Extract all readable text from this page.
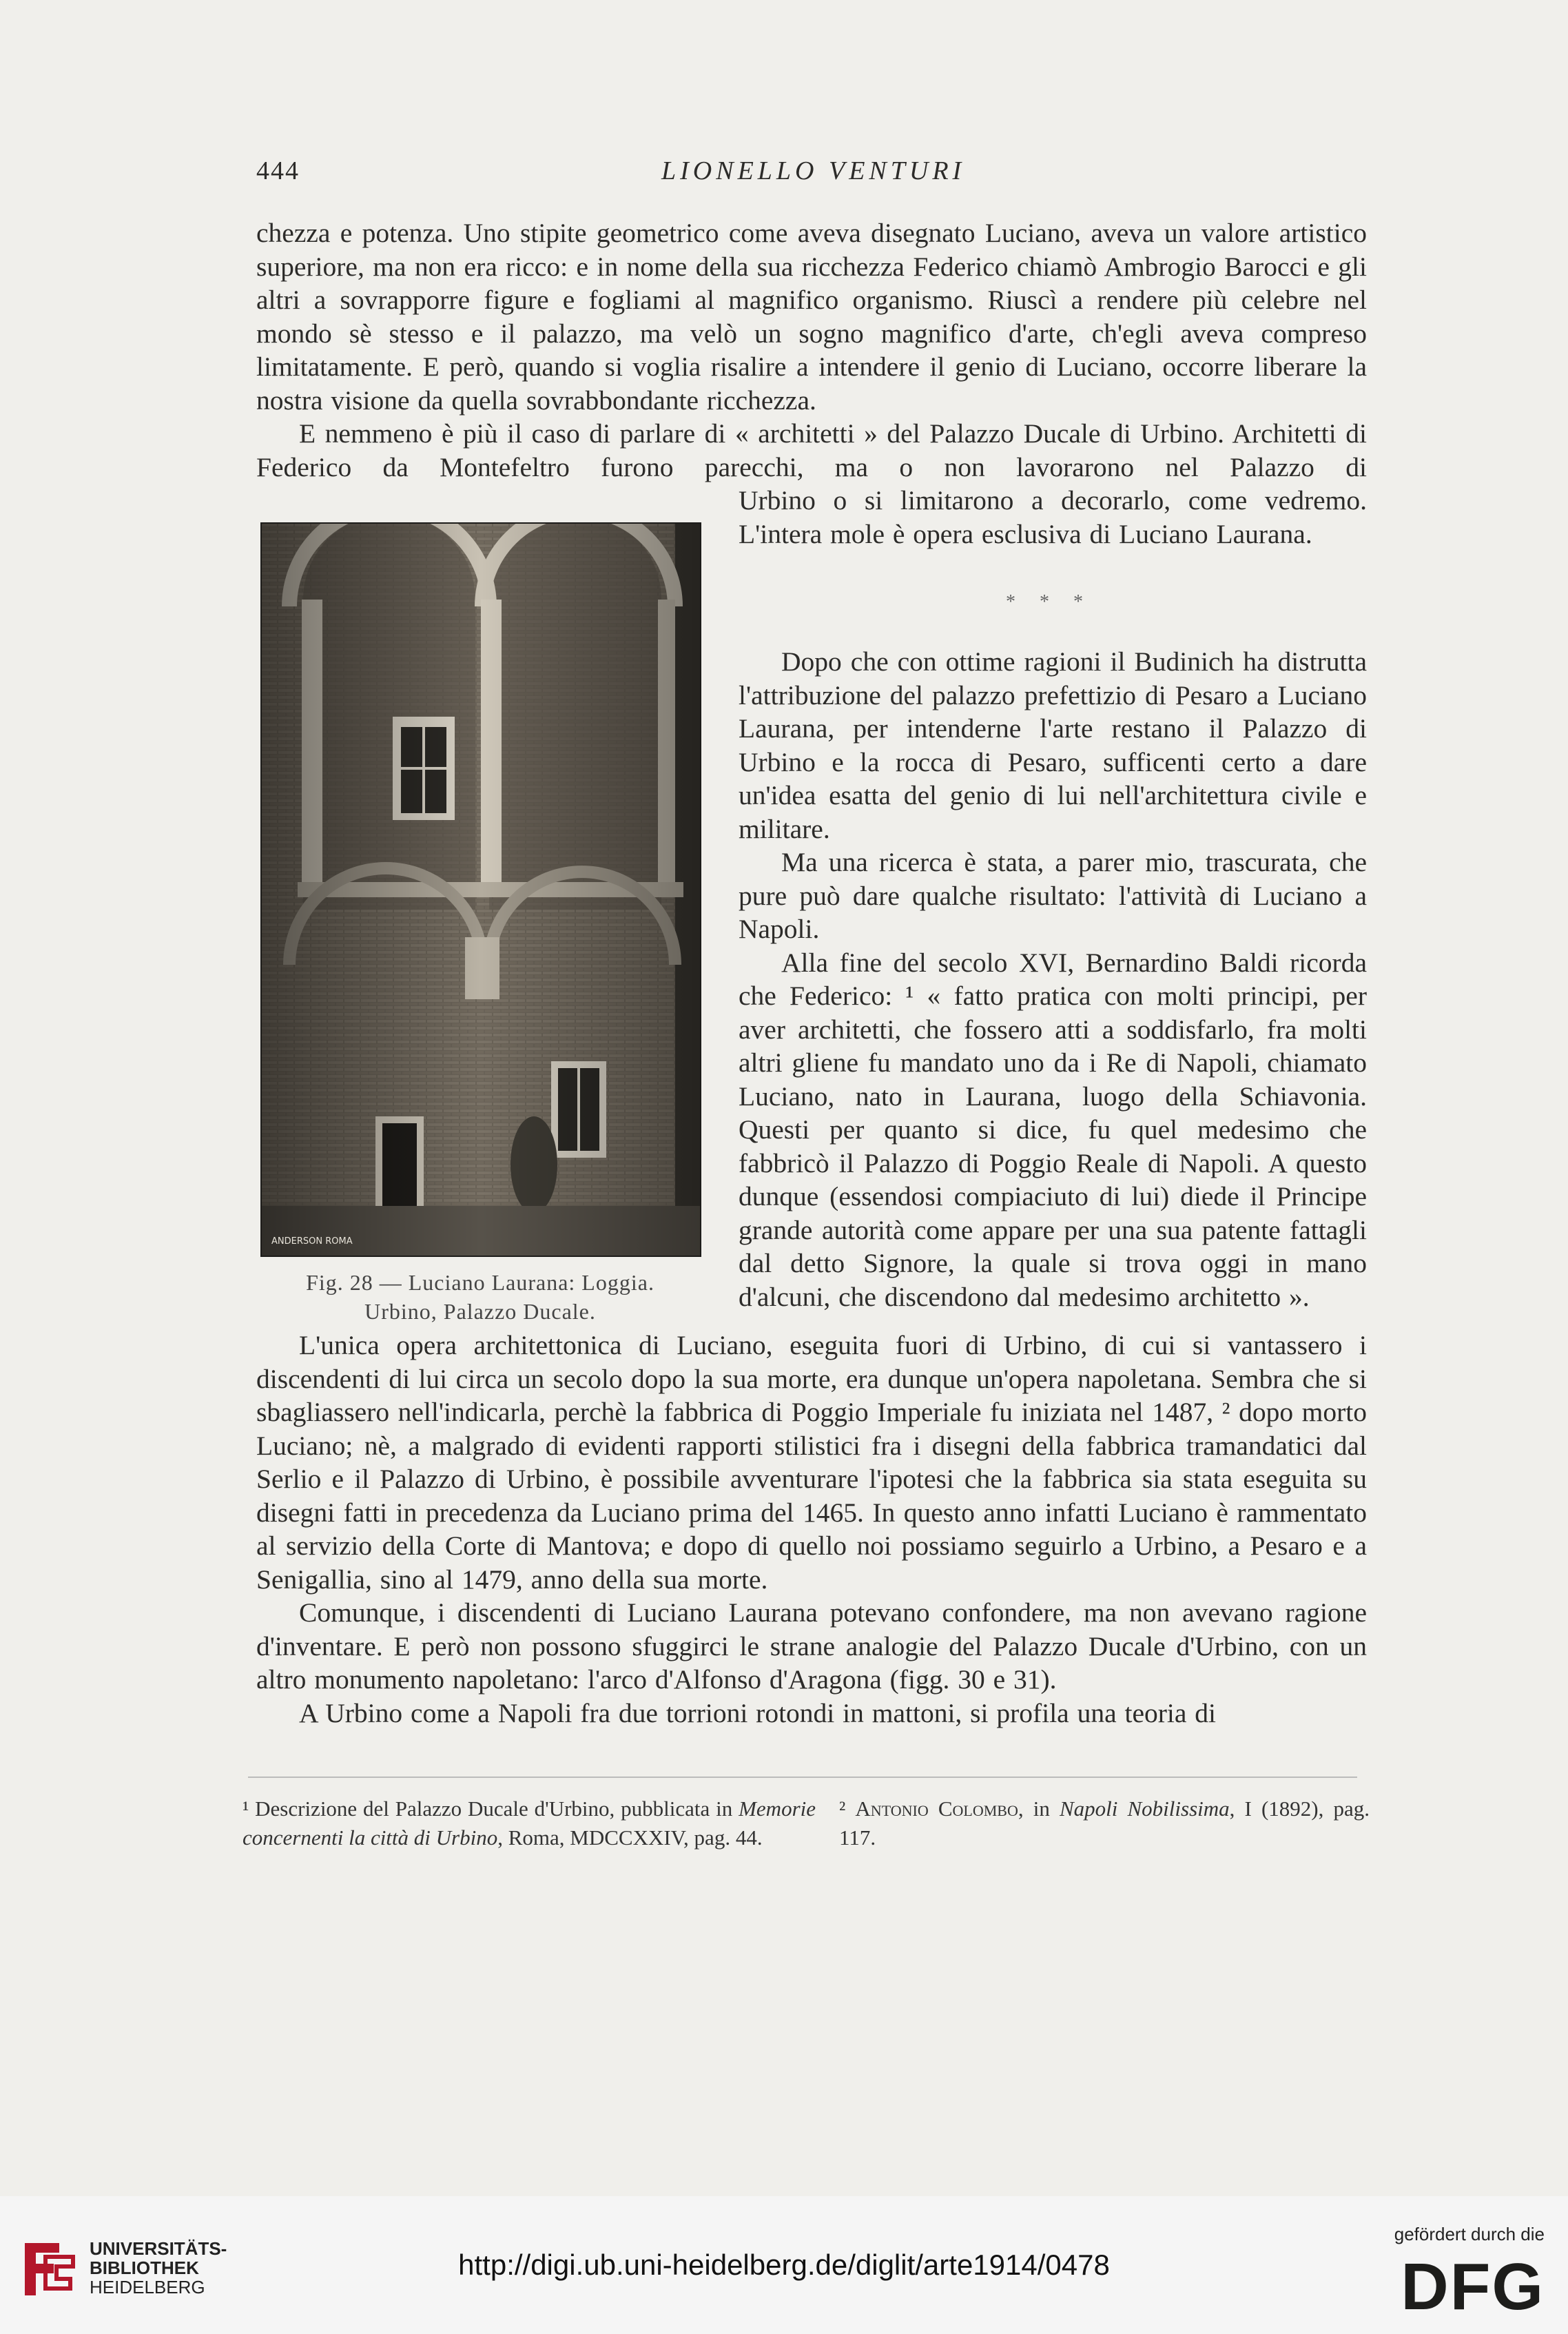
444	LIONELLO VENTURI

chezza e potenza. Uno stipite geometrico come aveva disegnato Luciano, aveva un valore artistico superiore, ma non era ricco: e in nome della sua ricchezza Federico chiamò Ambrogio Barocci e gli altri a sovrapporre figure e fogliami al magnifico organismo. Riuscì a rendere più celebre nel mondo sè stesso e il palazzo, ma velò un sogno magnifico d'arte, ch'egli aveva compreso limitatamente. E però, quando si voglia risalire a intendere il genio di Luciano, occorre liberare la nostra visione da quella sovrabbondante ricchezza.

E nemmeno è più il caso di parlare di « architetti » del Palazzo Ducale di Urbino. Architetti di Federico da Montefeltro furono parecchi, ma o non lavorarono nel Palazzo di

Urbino o si limitarono a decorarlo, come vedremo. L'intera mole è opera esclusiva di Luciano Laurana.

* * *
ANDERSON ROMA
Fig. 28 — Luciano Laurana: Loggia.
Urbino, Palazzo Ducale.

Dopo che con ottime ragioni il Budinich ha distrutta l'attribuzione del palazzo prefettizio di Pesaro a Luciano Laurana, per intenderne l'arte restano il Palazzo di Urbino e la rocca di Pesaro, sufficenti certo a dare un'idea esatta del genio di lui nell'architettura civile e militare.

Ma una ricerca è stata, a parer mio, trascurata, che pure può dare qualche risultato: l'attività di Luciano a Napoli.

Alla fine del secolo XVI, Bernardino Baldi ricorda che Federico: ¹ « fatto pratica con molti principi, per aver architetti, che fossero atti a soddisfarlo, fra molti altri gliene fu mandato uno da i Re di Napoli, chiamato Luciano, nato in Laurana, luogo della Schiavonia. Questi per quanto si dice, fu quel medesimo che fabbricò il Palazzo di Poggio Reale di Napoli. A questo dunque (essendosi compiaciuto di lui) diede il Principe grande autorità come appare per una sua patente fattagli dal detto Signore, la quale si trova oggi in mano d'alcuni, che discendono dal medesimo architetto ».

L'unica opera architettonica di Luciano, eseguita fuori di Urbino, di cui si vantassero i discendenti di lui circa un secolo dopo la sua morte, era dunque un'opera napoletana. Sembra che si sbagliassero nell'indicarla, perchè la fabbrica di Poggio Imperiale fu iniziata nel 1487, ² dopo morto Luciano; nè, a malgrado di evidenti rapporti stilistici fra i disegni della fabbrica tramandatici dal Serlio e il Palazzo di Urbino, è possibile avventurare l'ipotesi che la fabbrica sia stata eseguita su disegni fatti in precedenza da Luciano prima del 1465. In questo anno infatti Luciano è rammentato al servizio della Corte di Mantova; e dopo di quello noi possiamo seguirlo a Urbino, a Pesaro e a Senigallia, sino al 1479, anno della sua morte.

Comunque, i discendenti di Luciano Laurana potevano confondere, ma non avevano ragione d'inventare. E però non possono sfuggirci le strane analogie del Palazzo Ducale d'Urbino, con un altro monumento napoletano: l'arco d'Alfonso d'Aragona (figg. 30 e 31).

A Urbino come a Napoli fra due torrioni rotondi in mattoni, si profila una teoria di

¹ Descrizione del Palazzo Ducale d'Urbino, pubblicata in Memorie concernenti la città di Urbino, Roma, MDCCXXIV, pag. 44.
² Antonio Colombo, in Napoli Nobilissima, I (1892), pag. 117.
UNIVERSITÄTS-
BIBLIOTHEK
HEIDELBERG
http://digi.ub.uni-heidelberg.de/diglit/arte1914/0478
gefördert durch die
DFG
